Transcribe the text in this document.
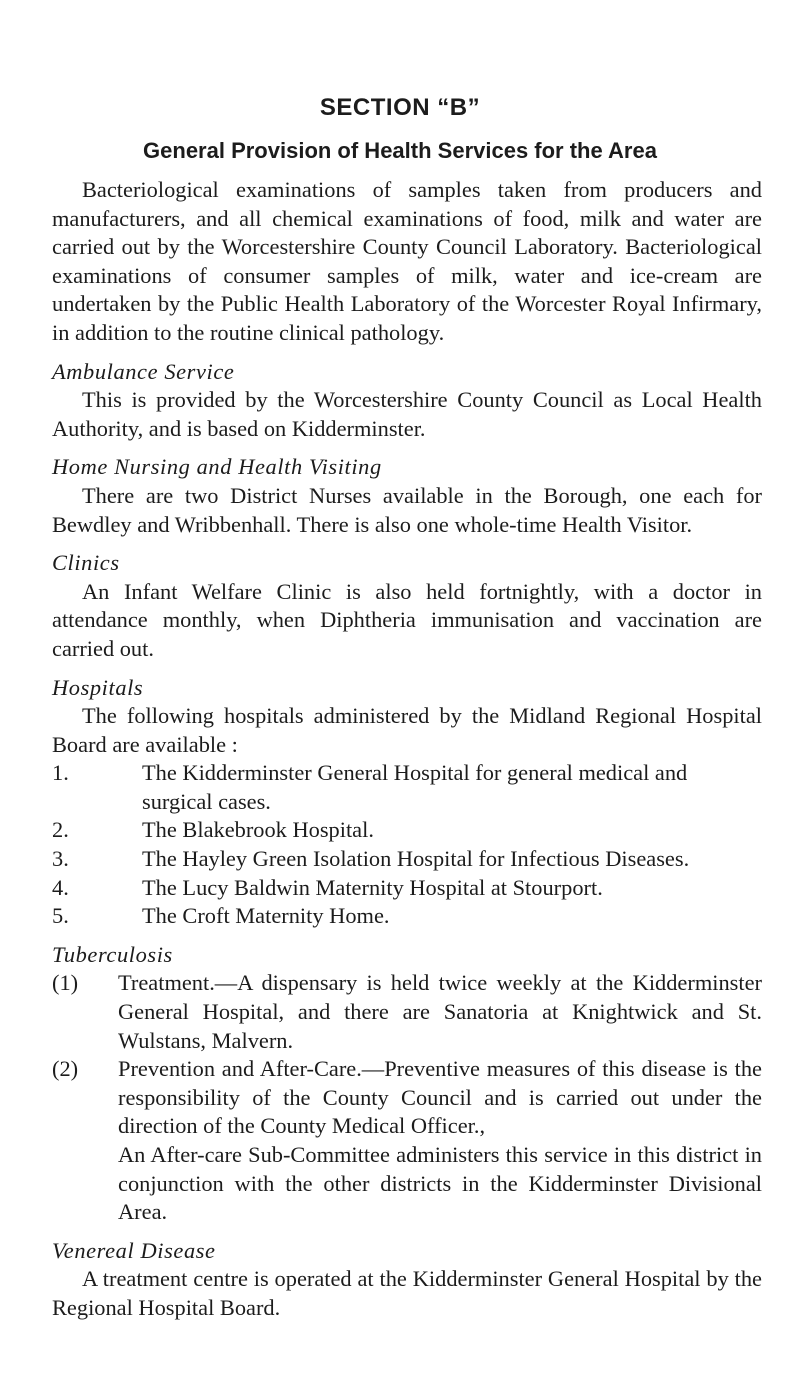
SECTION “B”
General Provision of Health Services for the Area

Bacteriological examinations of samples taken from producers and manufacturers, and all chemical examinations of food, milk and water are carried out by the Worcestershire County Council Laboratory. Bacteriological examinations of consumer samples of milk, water and ice-cream are undertaken by the Public Health Laboratory of the Worcester Royal Infirmary, in addition to the routine clinical pathology.

Ambulance Service

This is provided by the Worcestershire County Council as Local Health Authority, and is based on Kidderminster.

Home Nursing and Health Visiting

There are two District Nurses available in the Borough, one each for Bewdley and Wribbenhall. There is also one whole-time Health Visitor.

Clinics

An Infant Welfare Clinic is also held fortnightly, with a doctor in attendance monthly, when Diphtheria immunisation and vaccination are carried out.

Hospitals

The following hospitals administered by the Midland Regional Hospital Board are available :

1.	The Kidderminster General Hospital for general medical and surgical cases.
2.	The Blakebrook Hospital.
3.	The Hayley Green Isolation Hospital for Infectious Diseases.
4.	The Lucy Baldwin Maternity Hospital at Stourport.
5.	The Croft Maternity Home.
Tuberculosis
(1)	Treatment.—A dispensary is held twice weekly at the Kidderminster General Hospital, and there are Sanatoria at Knightwick and St. Wulstans, Malvern.

(2)	Prevention and After-Care.—Preventive measures of this disease is the responsibility of the County Council and is carried out under the direction of the County Medical Officer.,

An After-care Sub-Committee administers this service in this district in conjunction with the other districts in the Kidderminster Divisional Area.

Venereal Disease

A treatment centre is operated at the Kidderminster General Hospital by the Regional Hospital Board.
